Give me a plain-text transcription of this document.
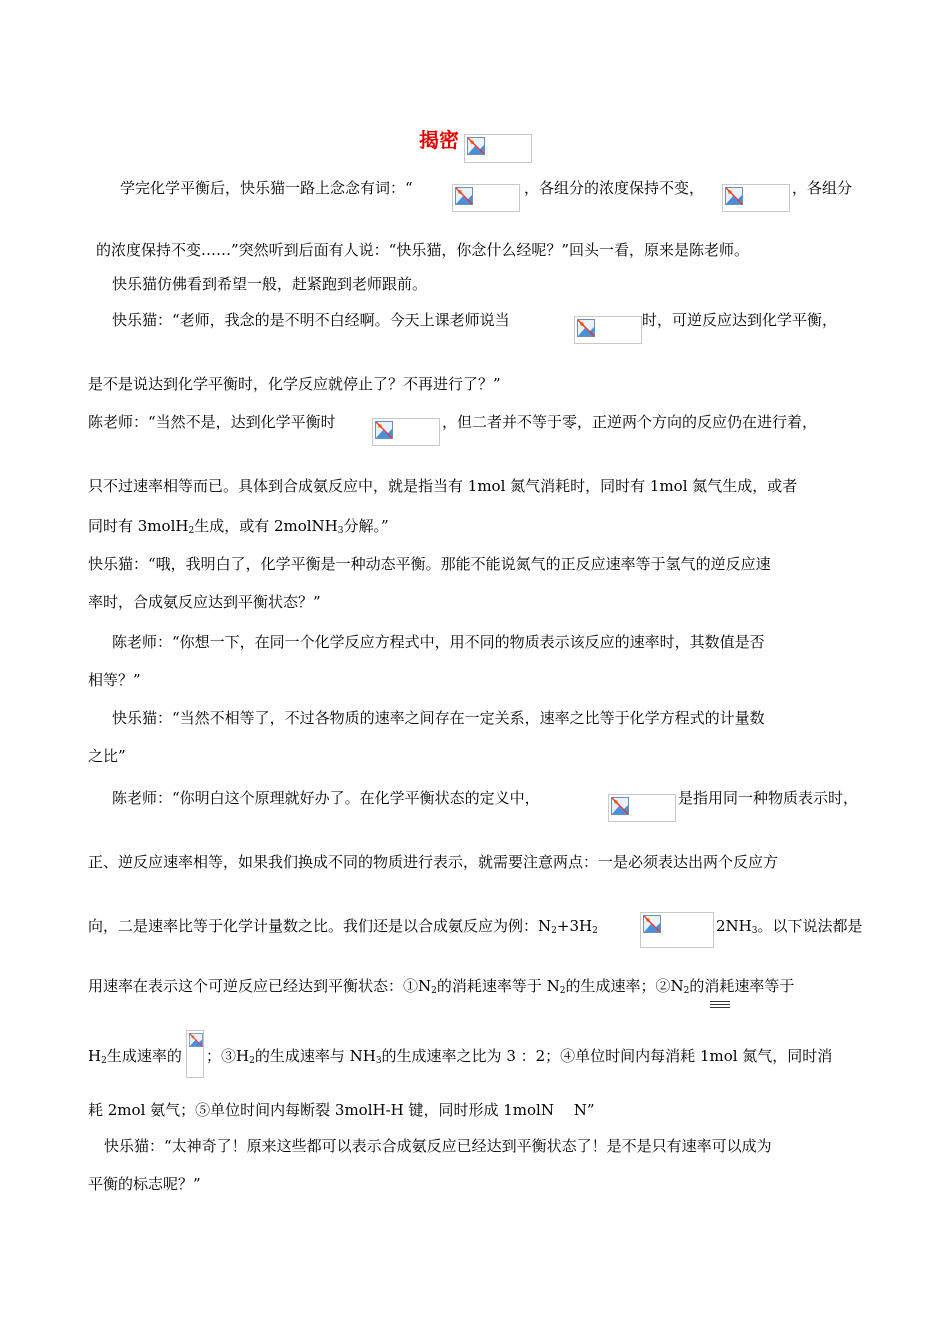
揭密
学完化学平衡后，快乐猫一路上念念有词：“	，各组分的浓度保持不变，	，各组分
的浓度保持不变……”突然听到后面有人说：“快乐猫，你念什么经呢？”回头一看，原来是陈老师。
快乐猫仿佛看到希望一般，赶紧跑到老师跟前。
快乐猫：“老师，我念的是不明不白经啊。今天上课老师说当	时，可逆反应达到化学平衡，
是不是说达到化学平衡时，化学反应就停止了？不再进行了？”
陈老师：“当然不是，达到化学平衡时	，但二者并不等于零，正逆两个方向的反应仍在进行着，
只不过速率相等而已。具体到合成氨反应中，就是指当有 1mol 氮气消耗时，同时有 1mol 氮气生成，或者
同时有 3molH$_2$生成，或有 2molNH$_3$分解。”
快乐猫：“哦，我明白了，化学平衡是一种动态平衡。那能不能说氮气的正反应速率等于氢气的逆反应速
率时，合成氨反应达到平衡状态？”
陈老师：“你想一下，在同一个化学反应方程式中，用不同的物质表示该反应的速率时，其数值是否
相等？”
快乐猫：“当然不相等了，不过各物质的速率之间存在一定关系，速率之比等于化学方程式的计量数
之比”
陈老师：“你明白这个原理就好办了。在化学平衡状态的定义中，	是指用同一种物质表示时，
正、逆反应速率相等，如果我们换成不同的物质进行表示，就需要注意两点：一是必须表达出两个反应方
向，二是速率比等于化学计量数之比。我们还是以合成氨反应为例：$N_2+3H_2$	$2NH_3$。以下说法都是
用速率在表示这个可逆反应已经达到平衡状态：$①N_2$的消耗速率等于 $N_2$的生成速率；$②N_2$的消耗速率等于
$H_2$生成速率的 ；$③H_2$的生成速率与 $NH_3$的生成速率之比为 3 ：2；④单位时间内每消耗 1mol 氮气，同时消
耗 2mol 氨气；⑤单位时间内每断裂 3molH-H 键，同时形成 1molN　 N”
快乐猫：“太神奇了！原来这些都可以表示合成氨反应已经达到平衡状态了！是不是只有速率可以成为
平衡的标志呢？”
